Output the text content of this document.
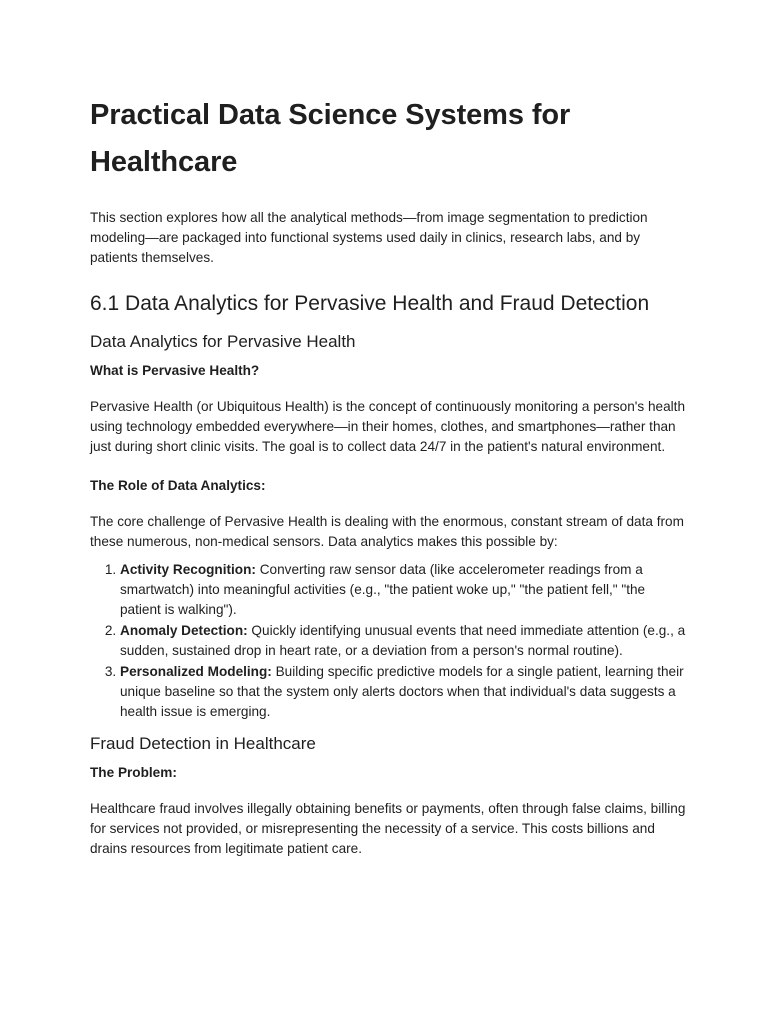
Practical Data Science Systems for Healthcare

This section explores how all the analytical methods—from image segmentation to prediction modeling—are packaged into functional systems used daily in clinics, research labs, and by patients themselves.

6.1 Data Analytics for Pervasive Health and Fraud Detection
Data Analytics for Pervasive Health
What is Pervasive Health?

Pervasive Health (or Ubiquitous Health) is the concept of continuously monitoring a person's health using technology embedded everywhere—in their homes, clothes, and smartphones—rather than just during short clinic visits. The goal is to collect data 24/7 in the patient's natural environment.

The Role of Data Analytics:

The core challenge of Pervasive Health is dealing with the enormous, constant stream of data from these numerous, non-medical sensors. Data analytics makes this possible by:

1. Activity Recognition: Converting raw sensor data (like accelerometer readings from a smartwatch) into meaningful activities (e.g., "the patient woke up," "the patient fell," "the patient is walking").
2. Anomaly Detection: Quickly identifying unusual events that need immediate attention (e.g., a sudden, sustained drop in heart rate, or a deviation from a person's normal routine).
3. Personalized Modeling: Building specific predictive models for a single patient, learning their unique baseline so that the system only alerts doctors when that individual's data suggests a health issue is emerging.
Fraud Detection in Healthcare
The Problem:

Healthcare fraud involves illegally obtaining benefits or payments, often through false claims, billing for services not provided, or misrepresenting the necessity of a service. This costs billions and drains resources from legitimate patient care.
